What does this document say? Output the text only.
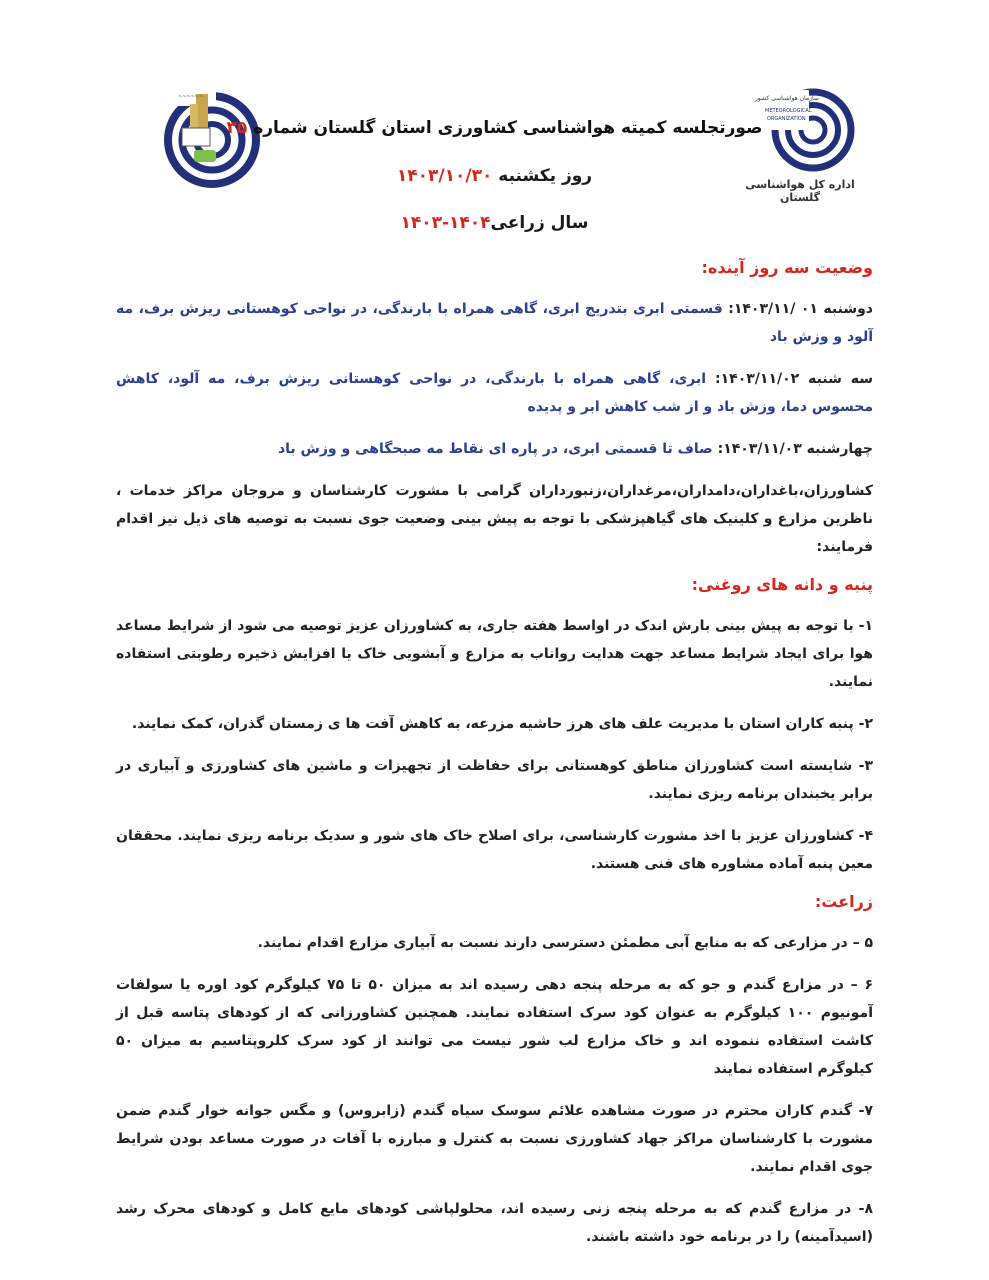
~~~~~~	سازمان هواشناسی کشور
METEOROLOGICAL
ORGANIZATION
اداره کل هواشناسی گلستان
صورتجلسه کمیته هواشناسی کشاورزی استان گلستان شماره ۳۵
روز یکشنبه ۱۴۰۳/۱۰/۳۰
سال زراعی۱۴۰۴-۱۴۰۳
وضعیت سه روز آینده:
دوشنبه ۰۱ /۱۴۰۳/۱۱: قسمتی ابری بتدریج ابری، گاهی همراه با بارندگی، در نواحی کوهستانی ریزش برف، مه آلود و وزش باد
سه شنبه ۱۴۰۳/۱۱/۰۲: ابری، گاهی همراه با بارندگی، در نواحی کوهستانی ریزش برف، مه آلود، کاهش محسوس دما، وزش باد و از شب کاهش ابر و پدیده
چهارشنبه ۱۴۰۳/۱۱/۰۳: صاف تا قسمتی ابری، در پاره ای نقاط مه صبحگاهی و وزش باد
کشاورزان،باغداران،دامداران،مرغداران،زنبورداران گرامی با مشورت کارشناسان و مروجان مراکز خدمات ، ناظرین مزارع و کلینیک های گیاهپزشکی با توجه به پیش بینی وضعیت جوی نسبت به توصیه های ذیل نیز اقدام فرمایند:
پنبه و دانه های روغنی:
۱- با توجه به پیش بینی بارش اندک در اواسط هفته جاری، به کشاورزان عزیز توصیه می شود از شرایط مساعد هوا برای ایجاد شرایط مساعد جهت هدایت رواناب به مزارع و آبشویی خاک یا افزایش ذخیره رطوبتی استفاده نمایند.
۲- پنبه کاران استان با مدیریت علف های هرز حاشیه مزرعه، به کاهش آفت ها ی زمستان گذران، کمک نمایند.
۳- شایسته است کشاورزان مناطق کوهستانی برای حفاظت از تجهیزات و ماشین های کشاورزی و آبیاری در برابر یخبندان برنامه ریزی نمایند.
۴- کشاورزان عزیز با اخذ مشورت کارشناسی، برای اصلاح خاک های شور و سدیک برنامه ریزی نمایند. محققان معین پنبه آماده مشاوره های فنی هستند.
زراعت:
۵ – در مزارعی که به منابع آبی مطمئن دسترسی دارند نسبت به آبیاری مزارع اقدام نمایند.
۶ – در مزارع گندم و جو که به مرحله پنجه دهی رسیده اند به میزان ۵۰ تا ۷۵ کیلوگرم کود اوره یا سولفات آمونیوم ۱۰۰ کیلوگرم به عنوان کود سرک استفاده نمایند. همچنین کشاورزانی که از کودهای پتاسه قبل از کاشت استفاده ننموده اند و خاک مزارع لب شور نیست می توانند از کود سرک کلروپتاسیم به میزان ۵۰ کیلوگرم استفاده نمایند
۷- گندم کاران محترم در صورت مشاهده علائم سوسک سیاه گندم (زابروس) و مگس جوانه خوار گندم ضمن مشورت با کارشناسان مراکز جهاد کشاورزی نسبت به کنترل و مبارزه با آفات در صورت مساعد بودن شرایط جوی اقدام نمایند.
۸- در مزارع گندم که به مرحله پنجه زنی رسیده اند، محلولپاشی کودهای مایع کامل و کودهای محرک رشد (اسیدآمینه) را در برنامه خود داشته باشند.
